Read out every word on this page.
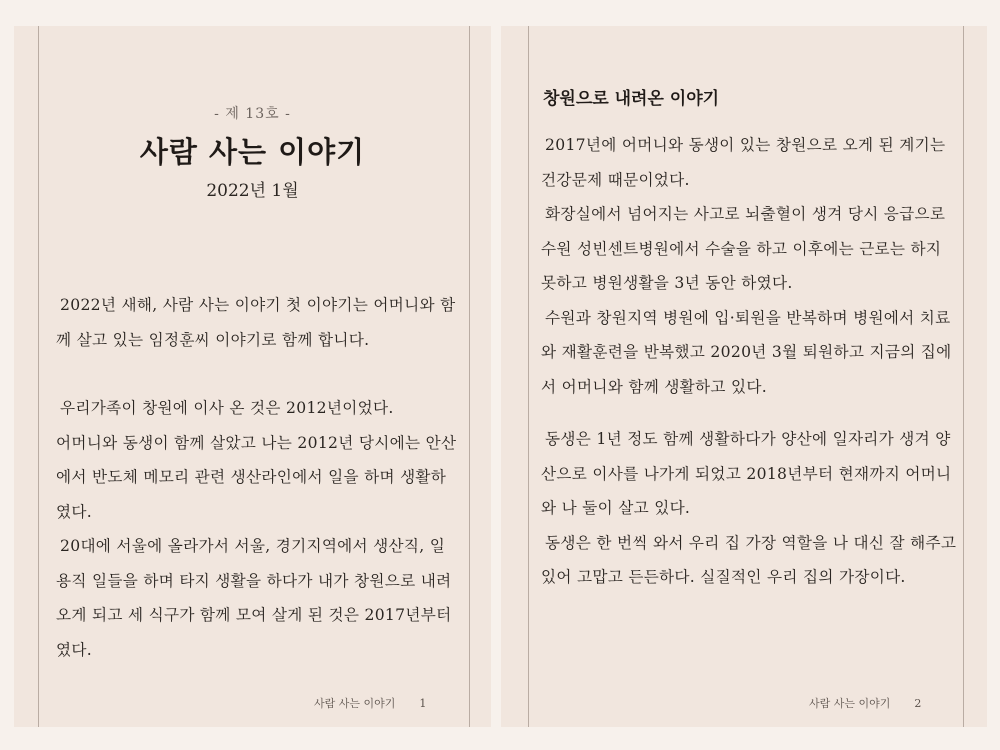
- 제 13호 -
사람 사는 이야기
2022년 1월

2022년 새해, 사람 사는 이야기 첫 이야기는 어머니와 함께 살고 있는 임정훈씨 이야기로 함께 합니다.

우리가족이 창원에 이사 온 것은 2012년이었다.

어머니와 동생이 함께 살았고 나는 2012년 당시에는 안산에서 반도체 메모리 관련 생산라인에서 일을 하며 생활하였다.

20대에 서울에 올라가서 서울, 경기지역에서 생산직, 일용직 일들을 하며 타지 생활을 하다가 내가 창원으로 내려오게 되고 세 식구가 함께 모여 살게 된 것은 2017년부터였다.

사람 사는 이야기 1
창원으로 내려온 이야기

2017년에 어머니와 동생이 있는 창원으로 오게 된 계기는 건강문제 때문이었다.

화장실에서 넘어지는 사고로 뇌출혈이 생겨 당시 응급으로 수원 성빈센트병원에서 수술을 하고 이후에는 근로는 하지 못하고 병원생활을 3년 동안 하였다.

수원과 창원지역 병원에 입·퇴원을 반복하며 병원에서 치료와 재활훈련을 반복했고 2020년 3월 퇴원하고 지금의 집에서 어머니와 함께 생활하고 있다.

동생은 1년 정도 함께 생활하다가 양산에 일자리가 생겨 양산으로 이사를 나가게 되었고 2018년부터 현재까지 어머니와 나 둘이 살고 있다.

동생은 한 번씩 와서 우리 집 가장 역할을 나 대신 잘 해주고 있어 고맙고 든든하다. 실질적인 우리 집의 가장이다.

사람 사는 이야기 2
